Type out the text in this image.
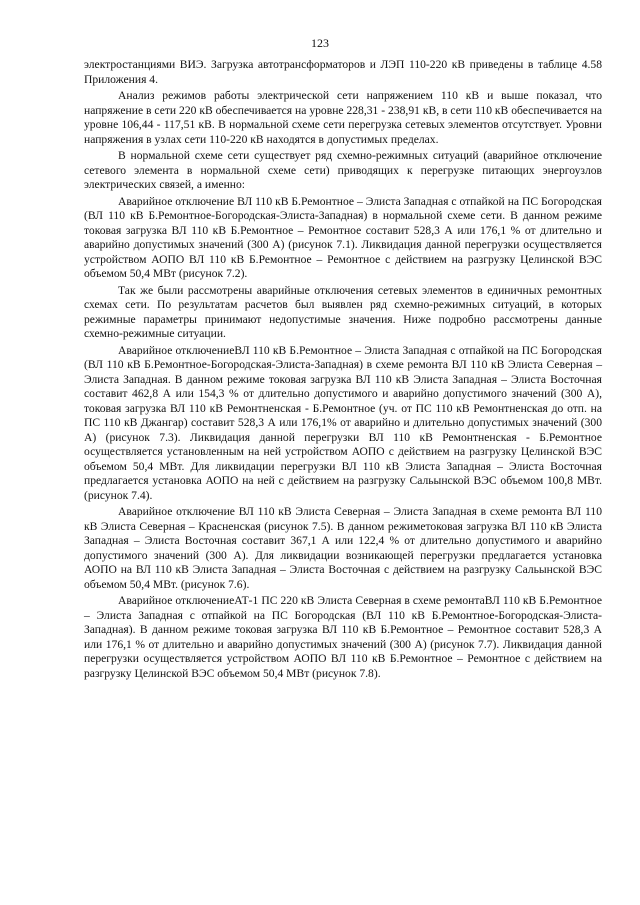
123

электростанциями ВИЭ. Загрузка автотрансформаторов и ЛЭП 110-220 кВ приведены в таблице 4.58 Приложения 4.

Анализ режимов работы электрической сети напряжением 110 кВ и выше показал, что напряжение в сети 220 кВ обеспечивается на уровне 228,31 - 238,91 кВ, в сети 110 кВ обеспечивается на уровне 106,44 - 117,51 кВ. В нормальной схеме сети перегрузка сетевых элементов отсутствует. Уровни напряжения в узлах сети 110-220 кВ находятся в допустимых пределах.

В нормальной схеме сети существует ряд схемно-режимных ситуаций (аварийное отключение сетевого элемента в нормальной схеме сети) приводящих к перегрузке питающих энергоузлов электрических связей, а именно:

Аварийное отключение ВЛ 110 кВ Б.Ремонтное – Элиста Западная с отпайкой на ПС Богородская (ВЛ 110 кВ Б.Ремонтное-Богородская-Элиста-Западная) в нормальной схеме сети. В данном режиме токовая загрузка ВЛ 110 кВ Б.Ремонтное – Ремонтное составит 528,3 А или 176,1 % от длительно и аварийно допустимых значений (300 А) (рисунок 7.1). Ликвидация данной перегрузки осуществляется устройством АОПО ВЛ 110 кВ Б.Ремонтное – Ремонтное с действием на разгрузку Целинской ВЭС объемом 50,4 МВт (рисунок 7.2).

Так же были рассмотрены аварийные отключения сетевых элементов в единичных ремонтных схемах сети. По результатам расчетов был выявлен ряд схемно-режимных ситуаций, в которых режимные параметры принимают недопустимые значения. Ниже подробно рассмотрены данные схемно-режимные ситуации.

Аварийное отключениеВЛ 110 кВ Б.Ремонтное – Элиста Западная с отпайкой на ПС Богородская (ВЛ 110 кВ Б.Ремонтное-Богородская-Элиста-Западная) в схеме ремонта ВЛ 110 кВ Элиста Северная – Элиста Западная. В данном режиме токовая загрузка ВЛ 110 кВ Элиста Западная – Элиста Восточная составит 462,8 А или 154,3 % от длительно допустимого и аварийно допустимого значений (300 А), токовая загрузка ВЛ 110 кВ Ремонтненская - Б.Ремонтное (уч. от ПС 110 кВ Ремонтненская до отп. на ПС 110 кВ Джангар) составит 528,3 А или 176,1% от аварийно и длительно допустимых значений (300 А) (рисунок 7.3). Ликвидация данной перегрузки ВЛ 110 кВ Ремонтненская - Б.Ремонтное осуществляется установленным на ней устройством АОПО с действием на разгрузку Целинской ВЭС объемом 50,4 МВт. Для ликвидации перегрузки ВЛ 110 кВ Элиста Западная – Элиста Восточная предлагается установка АОПО на ней с действием на разгрузку Сальынской ВЭС объемом 100,8 МВт. (рисунок 7.4).

Аварийное отключение ВЛ 110 кВ Элиста Северная – Элиста Западная в схеме ремонта ВЛ 110 кВ Элиста Северная – Красненская (рисунок 7.5). В данном режиметоковая загрузка ВЛ 110 кВ Элиста Западная – Элиста Восточная составит 367,1 А или 122,4 % от длительно допустимого и аварийно допустимого значений (300 А). Для ликвидации возникающей перегрузки предлагается установка АОПО на ВЛ 110 кВ Элиста Западная – Элиста Восточная с действием на разгрузку Сальынской ВЭС объемом 50,4 МВт. (рисунок 7.6).

Аварийное отключениеАТ-1 ПС 220 кВ Элиста Северная в схеме ремонтаВЛ 110 кВ Б.Ремонтное – Элиста Западная с отпайкой на ПС Богородская (ВЛ 110 кВ Б.Ремонтное-Богородская-Элиста-Западная). В данном режиме токовая загрузка ВЛ 110 кВ Б.Ремонтное – Ремонтное составит 528,3 А или 176,1 % от длительно и аварийно допустимых значений (300 А) (рисунок 7.7). Ликвидация данной перегрузки осуществляется устройством АОПО ВЛ 110 кВ Б.Ремонтное – Ремонтное с действием на разгрузку Целинской ВЭС объемом 50,4 МВт (рисунок 7.8).
